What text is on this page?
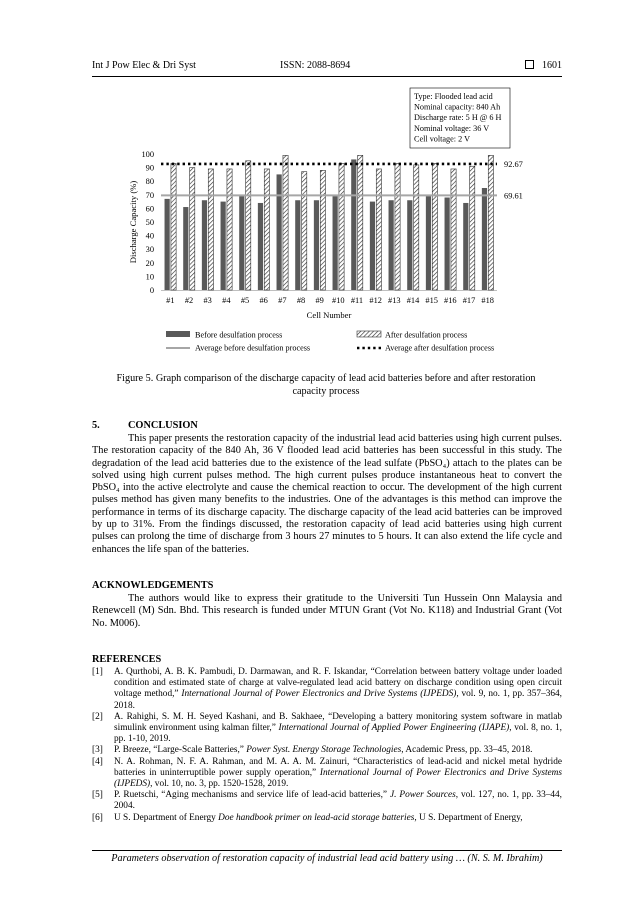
Int J Pow Elec & Dri Syst	ISSN: 2088-8694	1601
0
10
20
30
40
50
60
70
80
90
100
Discharge Capacity (%)
#1 #2 #3 #4 #5 #6 #7 #8 #9 #10 #11 #12 #13 #14 #15 #16 #17 #18
Cell Number
92.67
69.61
Type: Flooded lead acid
Nominal capacity: 840 Ah
Discharge rate: 5 H @ 6 H
Nominal voltage: 36 V
Cell voltage: 2 V
Before desulfation process	After desulfation process
Average before desulfation process	Average after desulfation process
Figure 5. Graph comparison of the discharge capacity of lead acid batteries before and after restoration capacity process
5.	CONCLUSION

This paper presents the restoration capacity of the industrial lead acid batteries using high current pulses. The restoration capacity of the 840 Ah, 36 V flooded lead acid batteries has been successful in this study. The degradation of the lead acid batteries due to the existence of the lead sulfate (PbSO₄) attach to the plates can be solved using high current pulses method. The high current pulses produce instantaneous heat to convert the PbSO₄ into the active electrolyte and cause the chemical reaction to occur. The development of the high current pulses method has given many benefits to the industries. One of the advantages is this method can improve the performance in terms of its discharge capacity. The discharge capacity of the lead acid batteries can be improved by up to 31%. From the findings discussed, the restoration capacity of lead acid batteries using high current pulses can prolong the time of discharge from 3 hours 27 minutes to 5 hours. It can also extend the life cycle and enhances the life span of the batteries.

ACKNOWLEDGEMENTS

The authors would like to express their gratitude to the Universiti Tun Hussein Onn Malaysia and Renewcell (M) Sdn. Bhd. This research is funded under MTUN Grant (Vot No. K118) and Industrial Grant (Vot No. M006).

REFERENCES
[1] A. Qurthobi, A. B. K. Pambudi, D. Darmawan, and R. F. Iskandar, “Correlation between battery voltage under loaded condition and estimated state of charge at valve-regulated lead acid battery on discharge condition using open circuit voltage method,” International Journal of Power Electronics and Drive Systems (IJPEDS), vol. 9, no. 1, pp. 357–364, 2018.
[2] A. Rahighi, S. M. H. Seyed Kashani, and B. Sakhaee, “Developing a battery monitoring system software in matlab simulink environment using kalman filter,” International Journal of Applied Power Engineering (IJAPE), vol. 8, no. 1, pp. 1-10, 2019.
[3] P. Breeze, “Large-Scale Batteries,” Power Syst. Energy Storage Technologies, Academic Press, pp. 33–45, 2018.
[4] N. A. Rohman, N. F. A. Rahman, and M. A. A. M. Zainuri, “Characteristics of lead-acid and nickel metal hydride batteries in uninterruptible power supply operation,” International Journal of Power Electronics and Drive Systems (IJPEDS), vol. 10, no. 3, pp. 1520-1528, 2019.
[5] P. Ruetschi, “Aging mechanisms and service life of lead-acid batteries,” J. Power Sources, vol. 127, no. 1, pp. 33–44, 2004.
[6] U S. Department of Energy Doe handbook primer on lead-acid storage batteries, U S. Department of Energy,
Parameters observation of restoration capacity of industrial lead acid battery using … (N. S. M. Ibrahim)
